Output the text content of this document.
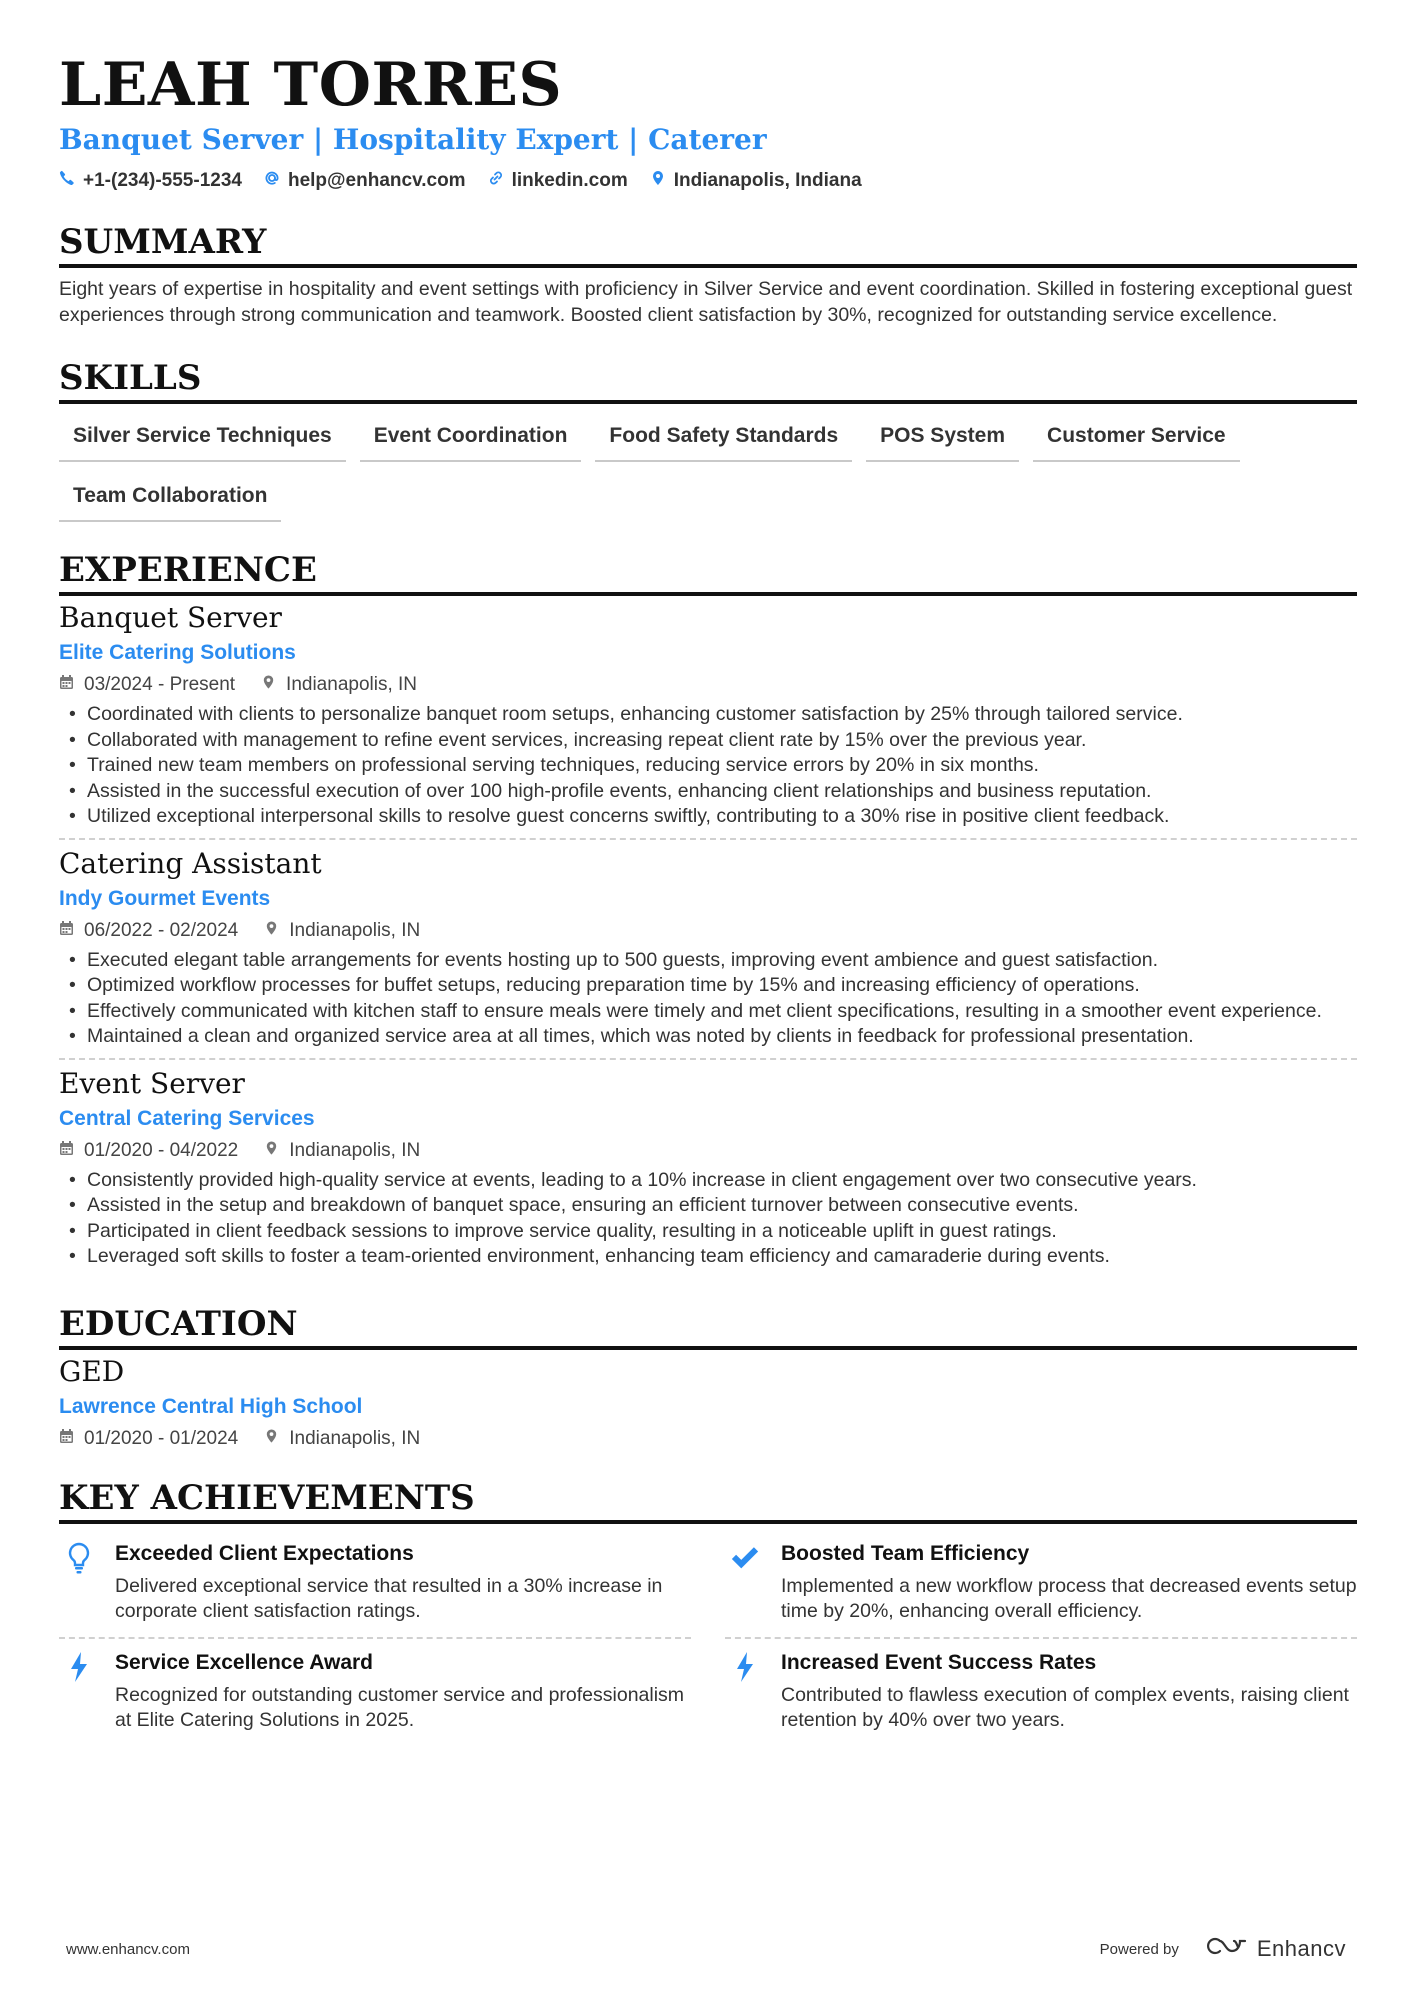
LEAH TORRES
Banquet Server | Hospitality Expert | Caterer
+1-(234)-555-1234 help@enhancv.com linkedin.com Indianapolis, Indiana
SUMMARY
Eight years of expertise in hospitality and event settings with proficiency in Silver Service and event coordination. Skilled in fostering exceptional guest experiences through strong communication and teamwork. Boosted client satisfaction by 30%, recognized for outstanding service excellence.
SKILLS
Silver Service Techniques	Event Coordination	Food Safety Standards	POS System	Customer Service
Team Collaboration
EXPERIENCE
Banquet Server
Elite Catering Solutions
03/2024 - Present	Indianapolis, IN
• Coordinated with clients to personalize banquet room setups, enhancing customer satisfaction by 25% through tailored service.
• Collaborated with management to refine event services, increasing repeat client rate by 15% over the previous year.
• Trained new team members on professional serving techniques, reducing service errors by 20% in six months.
• Assisted in the successful execution of over 100 high-profile events, enhancing client relationships and business reputation.
• Utilized exceptional interpersonal skills to resolve guest concerns swiftly, contributing to a 30% rise in positive client feedback.
Catering Assistant
Indy Gourmet Events
06/2022 - 02/2024	Indianapolis, IN
• Executed elegant table arrangements for events hosting up to 500 guests, improving event ambience and guest satisfaction.
• Optimized workflow processes for buffet setups, reducing preparation time by 15% and increasing efficiency of operations.
• Effectively communicated with kitchen staff to ensure meals were timely and met client specifications, resulting in a smoother event experience.
• Maintained a clean and organized service area at all times, which was noted by clients in feedback for professional presentation.
Event Server
Central Catering Services
01/2020 - 04/2022	Indianapolis, IN
• Consistently provided high-quality service at events, leading to a 10% increase in client engagement over two consecutive years.
• Assisted in the setup and breakdown of banquet space, ensuring an efficient turnover between consecutive events.
• Participated in client feedback sessions to improve service quality, resulting in a noticeable uplift in guest ratings.
• Leveraged soft skills to foster a team-oriented environment, enhancing team efficiency and camaraderie during events.
EDUCATION
GED
Lawrence Central High School
01/2020 - 01/2024	Indianapolis, IN
KEY ACHIEVEMENTS
Exceeded Client Expectations
Delivered exceptional service that resulted in a 30% increase in corporate client satisfaction ratings.
Boosted Team Efficiency
Implemented a new workflow process that decreased events setup time by 20%, enhancing overall efficiency.
Service Excellence Award
Recognized for outstanding customer service and professionalism at Elite Catering Solutions in 2025.
Increased Event Success Rates
Contributed to flawless execution of complex events, raising client retention by 40% over two years.
www.enhancv.com	Powered by	Enhancv
